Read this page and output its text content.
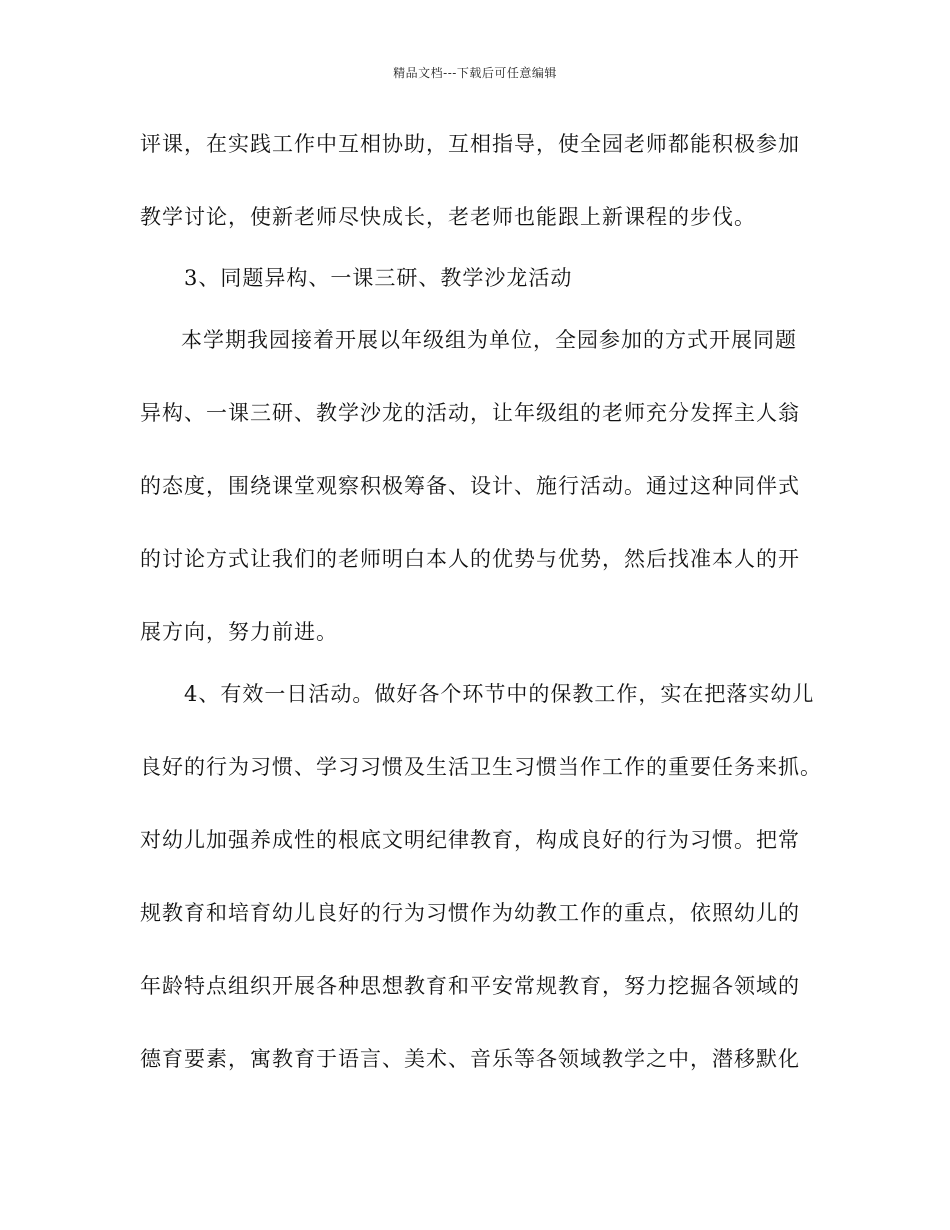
精品文档---下载后可任意编辑
评课，在实践工作中互相协助，互相指导，使全园老师都能积极参加
教学讨论，使新老师尽快成长，老老师也能跟上新课程的步伐。
3、同题异构、一课三研、教学沙龙活动
本学期我园接着开展以年级组为单位，全园参加的方式开展同题
异构、一课三研、教学沙龙的活动，让年级组的老师充分发挥主人翁
的态度，围绕课堂观察积极筹备、设计、施行活动。通过这种同伴式
的讨论方式让我们的老师明白本人的优势与优势，然后找准本人的开
展方向，努力前进。
4、有效一日活动。做好各个环节中的保教工作，实在把落实幼儿
良好的行为习惯、学习习惯及生活卫生习惯当作工作的重要任务来抓。
对幼儿加强养成性的根底文明纪律教育，构成良好的行为习惯。把常
规教育和培育幼儿良好的行为习惯作为幼教工作的重点，依照幼儿的
年龄特点组织开展各种思想教育和平安常规教育，努力挖掘各领域的
德育要素，寓教育于语言、美术、音乐等各领域教学之中，潜移默化
